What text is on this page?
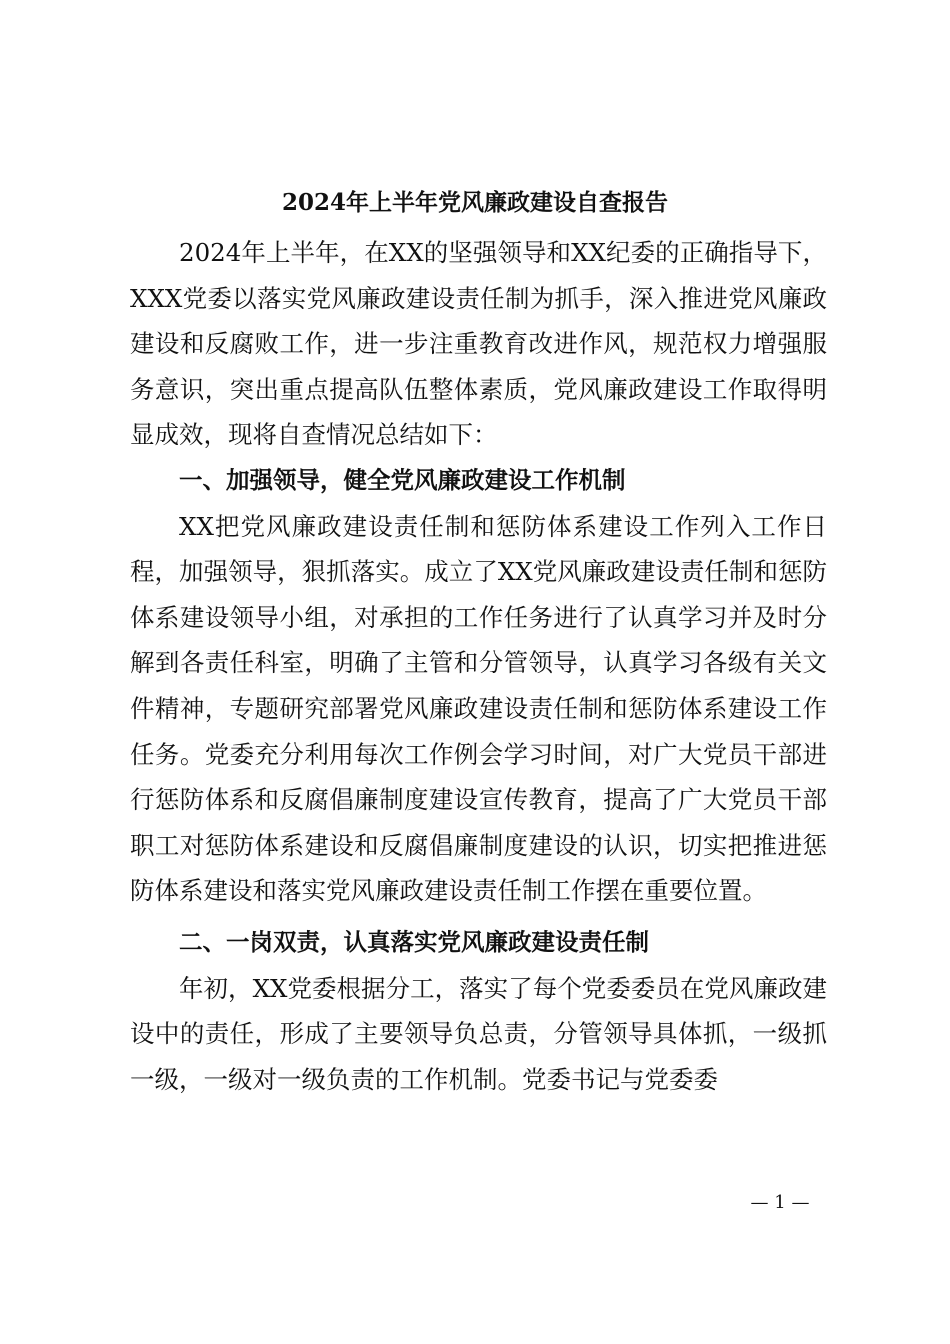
2024年上半年党风廉政建设自查报告

2024年上半年，在XX的坚强领导和XX纪委的正确指导下，XXX党委以落实党风廉政建设责任制为抓手，深入推进党风廉政建设和反腐败工作，进一步注重教育改进作风，规范权力增强服务意识，突出重点提高队伍整体素质，党风廉政建设工作取得明显成效，现将自查情况总结如下：

一、加强领导，健全党风廉政建设工作机制

XX把党风廉政建设责任制和惩防体系建设工作列入工作日程，加强领导，狠抓落实。成立了XX党风廉政建设责任制和惩防体系建设领导小组，对承担的工作任务进行了认真学习并及时分解到各责任科室，明确了主管和分管领导，认真学习各级有关文件精神，专题研究部署党风廉政建设责任制和惩防体系建设工作任务。党委充分利用每次工作例会学习时间，对广大党员干部进行惩防体系和反腐倡廉制度建设宣传教育，提高了广大党员干部职工对惩防体系建设和反腐倡廉制度建设的认识，切实把推进惩防体系建设和落实党风廉政建设责任制工作摆在重要位置。

二、一岗双责，认真落实党风廉政建设责任制

年初，XX党委根据分工，落实了每个党委委员在党风廉政建设中的责任，形成了主要领导负总责，分管领导具体抓，一级抓一级，一级对一级负责的工作机制。党委书记与党委委

— 1 —
